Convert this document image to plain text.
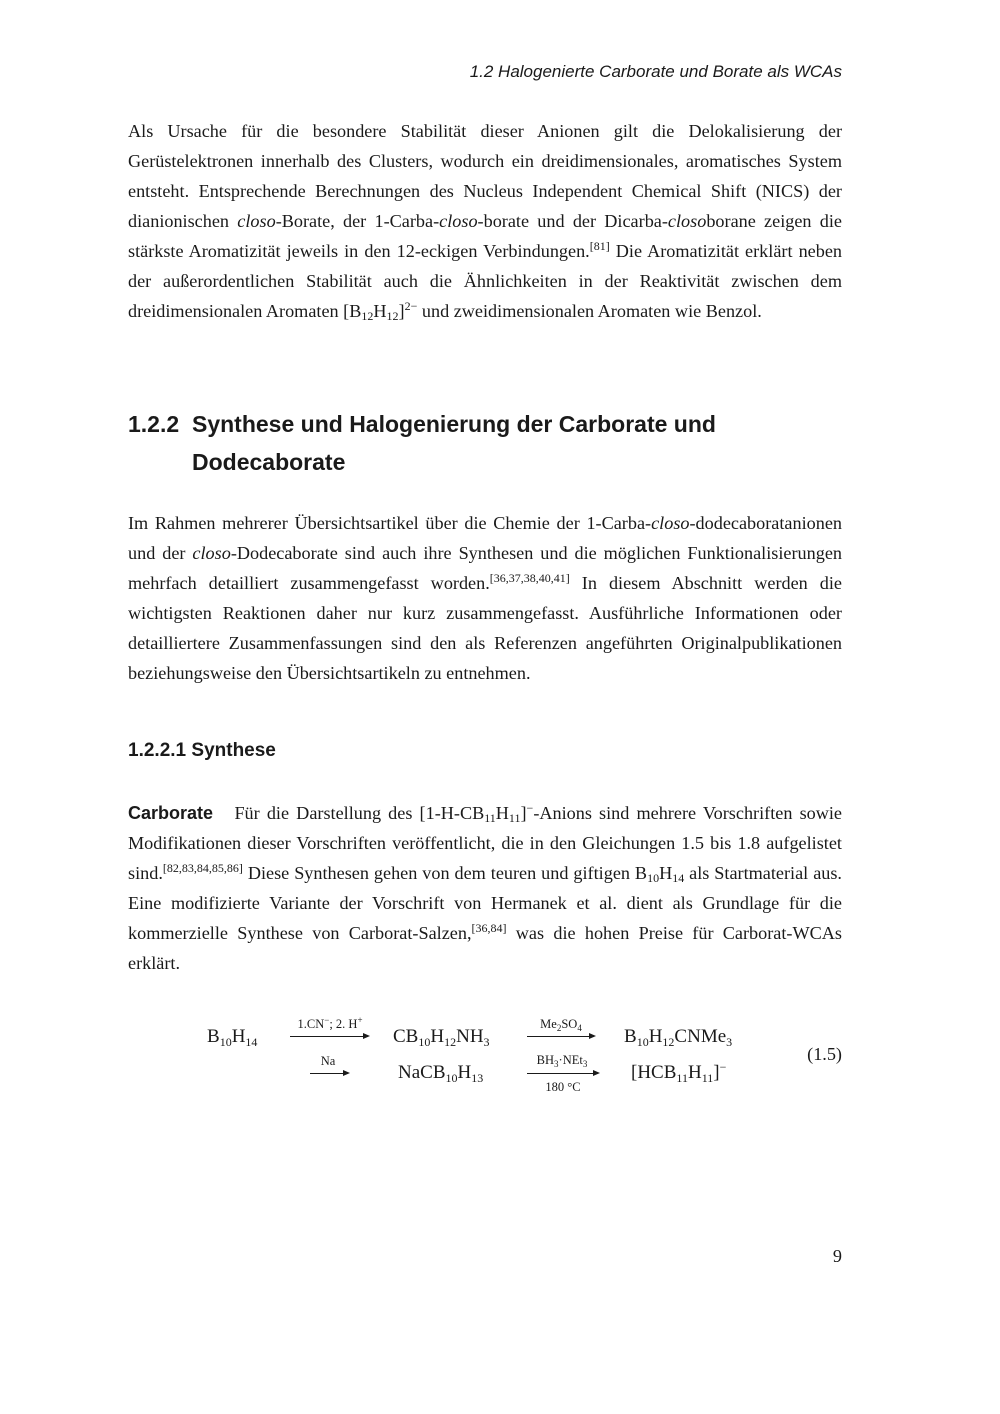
1.2 Halogenierte Carborate und Borate als WCAs

Als Ursache für die besondere Stabilität dieser Anionen gilt die Delokalisierung der Gerüstelektronen innerhalb des Clusters, wodurch ein dreidimensionales, aromatisches System entsteht. Entsprechende Berechnungen des Nucleus Independent Chemical Shift (NICS) der dianionischen closo-Borate, der 1-Carba-closo-borate und der Dicarba-closoborane zeigen die stärkste Aromatizität jeweils in den 12-eckigen Verbindungen.[81] Die Aromatizität erklärt neben der außerordentlichen Stabilität auch die Ähnlichkeiten in der Reaktivität zwischen dem dreidimensionalen Aromaten $[B_{12}H_{12}]^{2-}$ und zweidimensionalen Aromaten wie Benzol.

1.2.2 Synthese und Halogenierung der Carborate und
Dodecaborate

Im Rahmen mehrerer Übersichtsartikel über die Chemie der 1-Carba-closo-dodecaboratanionen und der closo-Dodecaborate sind auch ihre Synthesen und die möglichen Funktionalisierungen mehrfach detailliert zusammengefasst worden.[36,37,38,40,41] In diesem Abschnitt werden die wichtigsten Reaktionen daher nur kurz zusammengefasst. Ausführliche Informationen oder detailliertere Zusammenfassungen sind den als Referenzen angeführten Originalpublikationen beziehungsweise den Übersichtsartikeln zu entnehmen.

1.2.2.1 Synthese

Carborate Für die Darstellung des $[1-H-CB_{11}H_{11}]^-$-Anions sind mehrere Vorschriften sowie Modifikationen dieser Vorschriften veröffentlicht, die in den Gleichungen 1.5 bis 1.8 aufgelistet sind.[82,83,84,85,86] Diese Synthesen gehen von dem teuren und giftigen $B_{10}H_{14}$ als Startmaterial aus. Eine modifizierte Variante der Vorschrift von Hermanek et al. dient als Grundlage für die kommerzielle Synthese von Carborat-Salzen,[36,84] was die hohen Preise für Carborat-WCAs erklärt.

$B_{10}H_{14}$
1.CN−; 2. H+
Na
$CB_{10}H_{12}NH_3$
$NaCB_{10}H_{13}$
$Me_2SO_4$
$BH_3\cdot NEt_3$
180 °C
$B_{10}H_{12}CNMe_3$
$[HCB_{11}H_{11}]^-$
(1.5)
9
